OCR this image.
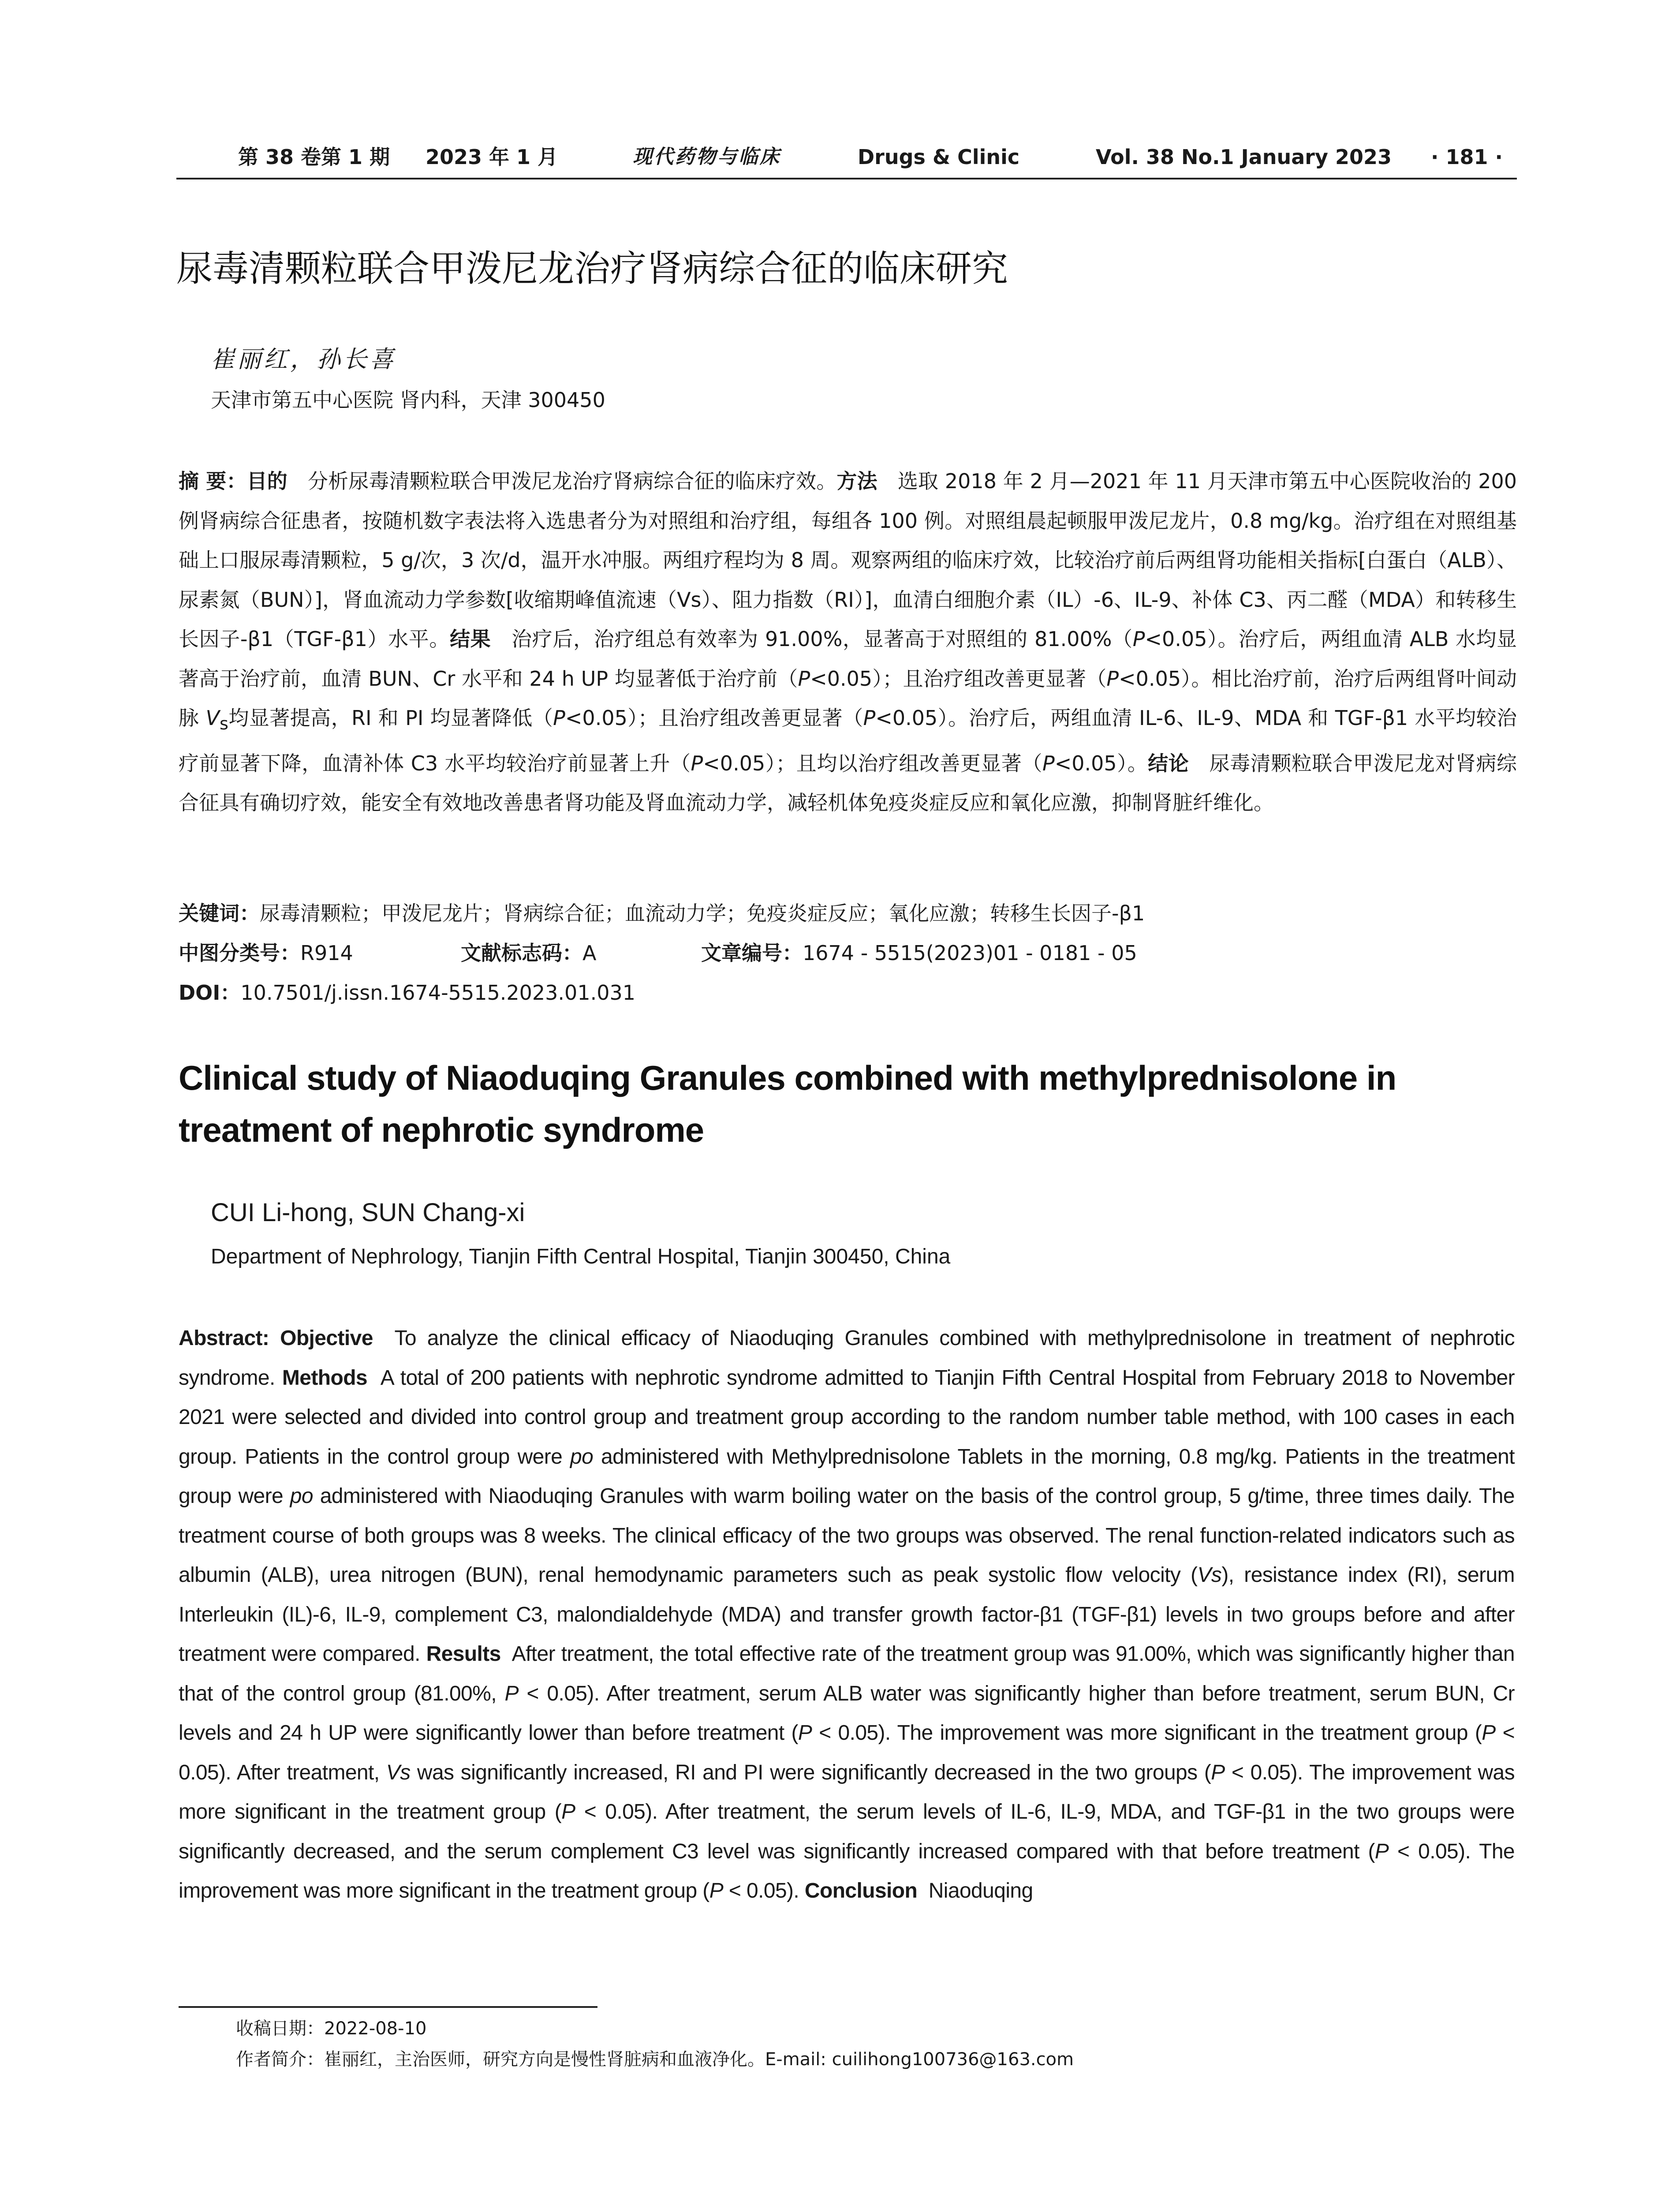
第 38 卷第 1 期 2023 年 1 月	现代药物与临床	Drugs & Clinic	Vol. 38 No.1 January 2023 · 181 ·
尿毒清颗粒联合甲泼尼龙治疗肾病综合征的临床研究
崔丽红，孙长喜
天津市第五中心医院 肾内科，天津 300450
摘 要：目的　 分析尿毒清颗粒联合甲泼尼龙治疗肾病综合征的临床疗效。方法　 选取 2018 年 2 月—2021 年 11 月天津市第五中心医院收治的 200 例肾病综合征患者，按随机数字表法将入选患者分为对照组和治疗组，每组各 100 例。对照组晨起顿服甲泼尼龙片，0.8 mg/kg。治疗组在对照组基础上口服尿毒清颗粒，5 g/次，3 次/d，温开水冲服。两组疗程均为 8 周。观察两组的临床疗效，比较治疗前后两组肾功能相关指标[白蛋白（ALB）、尿素氮（BUN）]，肾血流动力学参数[收缩期峰值流速（Vs）、阻力指数（RI）]，血清白细胞介素（IL）-6、IL-9、补体 C3、丙二醛（MDA）和转移生长因子-β1（TGF-β1）水平。结果　 治疗后，治疗组总有效率为 91.00%，显著高于对照组的 81.00%（P<0.05）。治疗后，两组血清 ALB 水均显著高于治疗前，血清 BUN、Cr 水平和 24 h UP 均显著低于治疗前（P<0.05）；且治疗组改善更显著（P<0.05）。相比治疗前，治疗后两组肾叶间动脉 $V_s$均显著提高，RI 和 PI 均显著降低（P<0.05）；且治疗组改善更显著（P<0.05）。治疗后，两组血清 IL-6、IL-9、MDA 和 TGF-β1 水平均较治疗前显著下降，血清补体 C3 水平均较治疗前显著上升（P<0.05）；且均以治疗组改善更显著（P<0.05）。结论　 尿毒清颗粒联合甲泼尼龙对肾病综合征具有确切疗效，能安全有效地改善患者肾功能及肾血流动力学，减轻机体免疫炎症反应和氧化应激，抑制肾脏纤维化。
关键词：尿毒清颗粒；甲泼尼龙片；肾病综合征；血流动力学；免疫炎症反应；氧化应激；转移生长因子-β1
中图分类号：R914	文献标志码：A	文章编号：1674 - 5515(2023)01 - 0181 - 05
DOI：10.7501/j.issn.1674-5515.2023.01.031
Clinical study of Niaoduqing Granules combined with methylprednisolone in treatment of nephrotic syndrome
CUI Li-hong, SUN Chang-xi
Department of Nephrology, Tianjin Fifth Central Hospital, Tianjin 300450, China
Abstract: Objective To analyze the clinical efficacy of Niaoduqing Granules combined with methylprednisolone in treatment of nephrotic syndrome. Methods A total of 200 patients with nephrotic syndrome admitted to Tianjin Fifth Central Hospital from February 2018 to November 2021 were selected and divided into control group and treatment group according to the random number table method, with 100 cases in each group. Patients in the control group were po administered with Methylprednisolone Tablets in the morning, 0.8 mg/kg. Patients in the treatment group were po administered with Niaoduqing Granules with warm boiling water on the basis of the control group, 5 g/time, three times daily. The treatment course of both groups was 8 weeks. The clinical efficacy of the two groups was observed. The renal function-related indicators such as albumin (ALB), urea nitrogen (BUN), renal hemodynamic parameters such as peak systolic flow velocity (Vs), resistance index (RI), serum Interleukin (IL)-6, IL-9, complement C3, malondialdehyde (MDA) and transfer growth factor-β1 (TGF-β1) levels in two groups before and after treatment were compared. Results After treatment, the total effective rate of the treatment group was 91.00%, which was significantly higher than that of the control group (81.00%, P < 0.05). After treatment, serum ALB water was significantly higher than before treatment, serum BUN, Cr levels and 24 h UP were significantly lower than before treatment (P < 0.05). The improvement was more significant in the treatment group (P < 0.05). After treatment, Vs was significantly increased, RI and PI were significantly decreased in the two groups (P < 0.05). The improvement was more significant in the treatment group (P < 0.05). After treatment, the serum levels of IL-6, IL-9, MDA, and TGF-β1 in the two groups were significantly decreased, and the serum complement C3 level was significantly increased compared with that before treatment (P < 0.05). The improvement was more significant in the treatment group (P < 0.05). Conclusion Niaoduqing
收稿日期：2022-08-10
作者简介：崔丽红，主治医师，研究方向是慢性肾脏病和血液净化。E-mail: cuilihong100736@163.com
